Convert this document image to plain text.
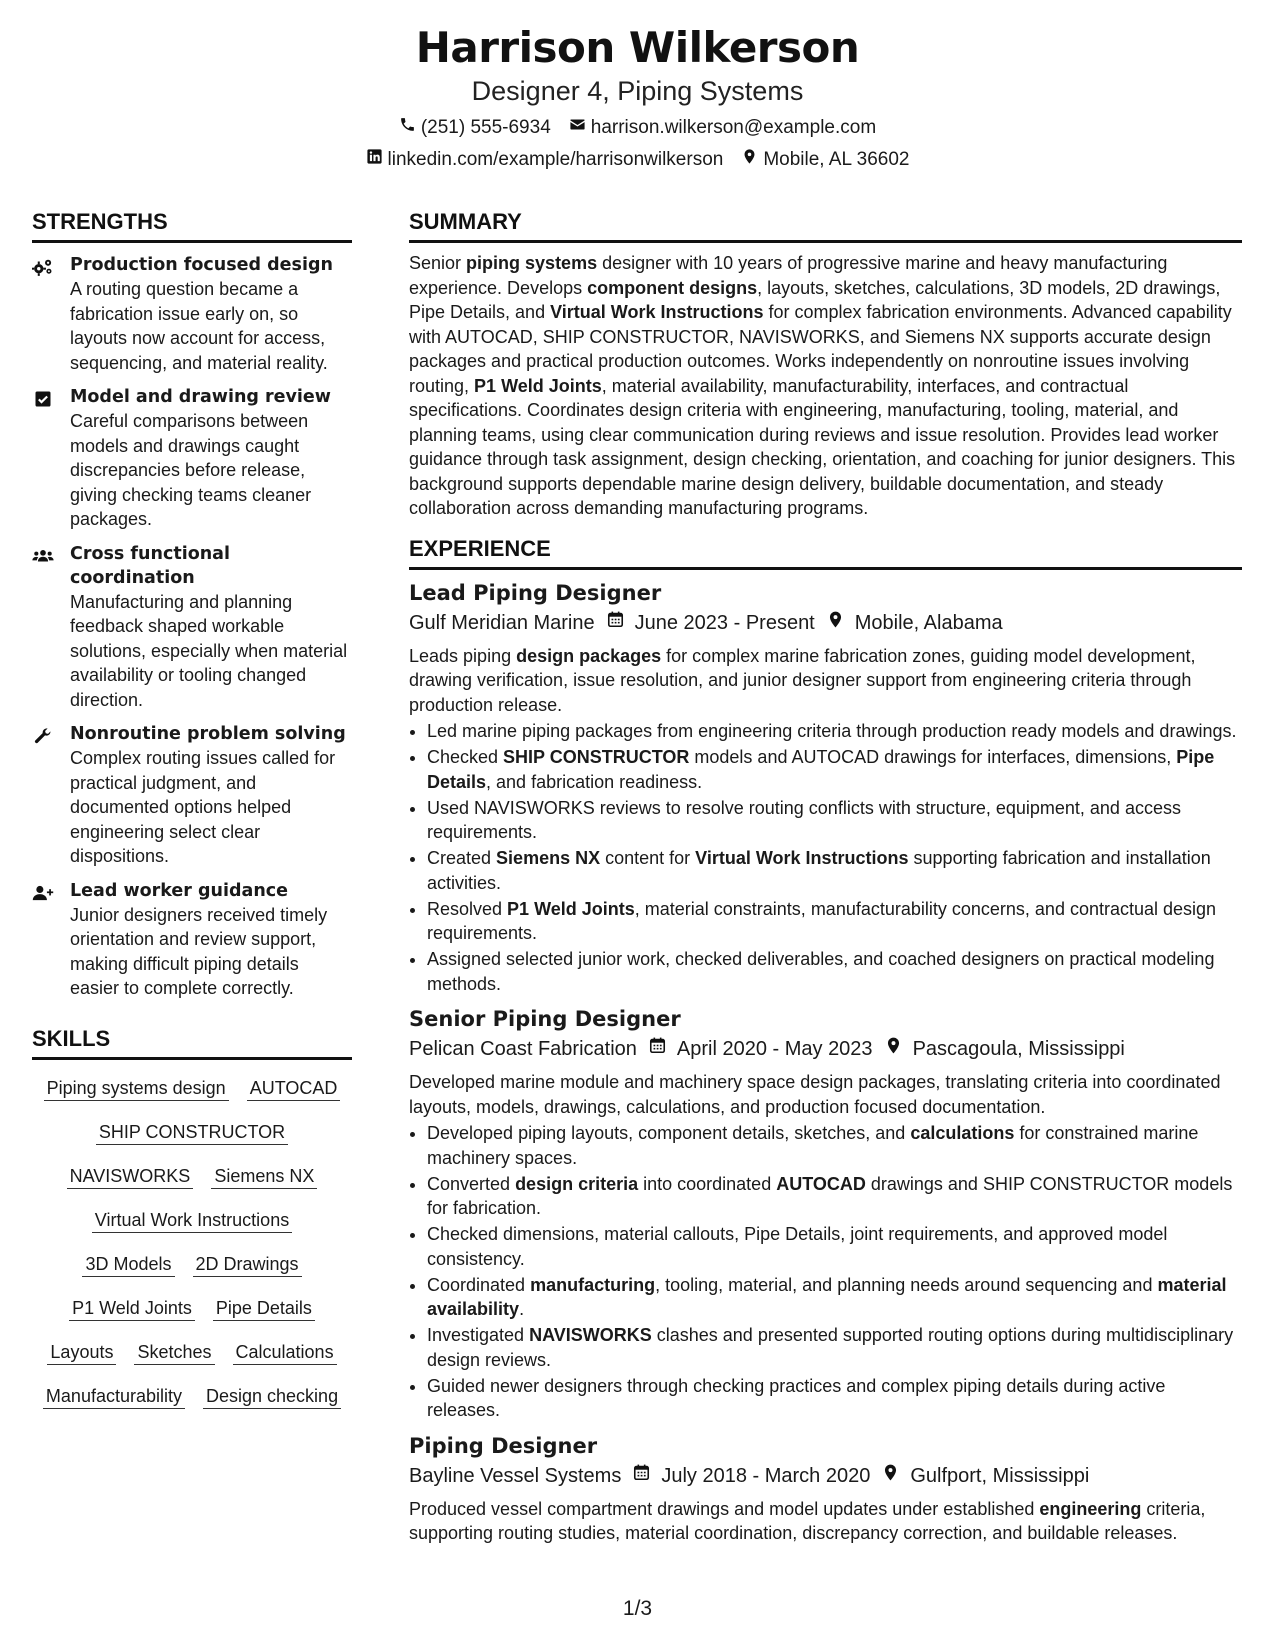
Harrison Wilkerson
Designer 4, Piping Systems
(251) 555-6934 harrison.wilkerson@example.com
linkedin.com/example/harrisonwilkerson Mobile, AL 36602
STRENGTHS
Production focused design
A routing question became a fabrication issue early on, so layouts now account for access, sequencing, and material reality.
Model and drawing review
Careful comparisons between models and drawings caught discrepancies before release, giving checking teams cleaner packages.
Cross functional coordination
Manufacturing and planning feedback shaped workable solutions, especially when material availability or tooling changed direction.
Nonroutine problem solving
Complex routing issues called for practical judgment, and documented options helped engineering select clear dispositions.
Lead worker guidance
Junior designers received timely orientation and review support, making difficult piping details easier to complete correctly.
SKILLS
Piping systems design AUTOCAD
SHIP CONSTRUCTOR
NAVISWORKS Siemens NX
Virtual Work Instructions
3D Models 2D Drawings
P1 Weld Joints Pipe Details
Layouts Sketches Calculations
Manufacturability Design checking
SUMMARY
Senior piping systems designer with 10 years of progressive marine and heavy manufacturing experience. Develops component designs, layouts, sketches, calculations, 3D models, 2D drawings, Pipe Details, and Virtual Work Instructions for complex fabrication environments. Advanced capability with AUTOCAD, SHIP CONSTRUCTOR, NAVISWORKS, and Siemens NX supports accurate design packages and practical production outcomes. Works independently on nonroutine issues involving routing, P1 Weld Joints, material availability, manufacturability, interfaces, and contractual specifications. Coordinates design criteria with engineering, manufacturing, tooling, material, and planning teams, using clear communication during reviews and issue resolution. Provides lead worker guidance through task assignment, design checking, orientation, and coaching for junior designers. This background supports dependable marine design delivery, buildable documentation, and steady collaboration across demanding manufacturing programs.
EXPERIENCE
Lead Piping Designer
Gulf Meridian Marine June 2023 - Present Mobile, Alabama
Leads piping design packages for complex marine fabrication zones, guiding model development, drawing verification, issue resolution, and junior designer support from engineering criteria through production release.
• Led marine piping packages from engineering criteria through production ready models and drawings.
• Checked SHIP CONSTRUCTOR models and AUTOCAD drawings for interfaces, dimensions, Pipe Details, and fabrication readiness.
• Used NAVISWORKS reviews to resolve routing conflicts with structure, equipment, and access requirements.
• Created Siemens NX content for Virtual Work Instructions supporting fabrication and installation activities.
• Resolved P1 Weld Joints, material constraints, manufacturability concerns, and contractual design requirements.
• Assigned selected junior work, checked deliverables, and coached designers on practical modeling methods.
Senior Piping Designer
Pelican Coast Fabrication April 2020 - May 2023 Pascagoula, Mississippi
Developed marine module and machinery space design packages, translating criteria into coordinated layouts, models, drawings, calculations, and production focused documentation.
• Developed piping layouts, component details, sketches, and calculations for constrained marine machinery spaces.
• Converted design criteria into coordinated AUTOCAD drawings and SHIP CONSTRUCTOR models for fabrication.
• Checked dimensions, material callouts, Pipe Details, joint requirements, and approved model consistency.
• Coordinated manufacturing, tooling, material, and planning needs around sequencing and material availability.
• Investigated NAVISWORKS clashes and presented supported routing options during multidisciplinary design reviews.
• Guided newer designers through checking practices and complex piping details during active releases.
Piping Designer
Bayline Vessel Systems July 2018 - March 2020 Gulfport, Mississippi
Produced vessel compartment drawings and model updates under established engineering criteria, supporting routing studies, material coordination, discrepancy correction, and buildable releases.
1/3
